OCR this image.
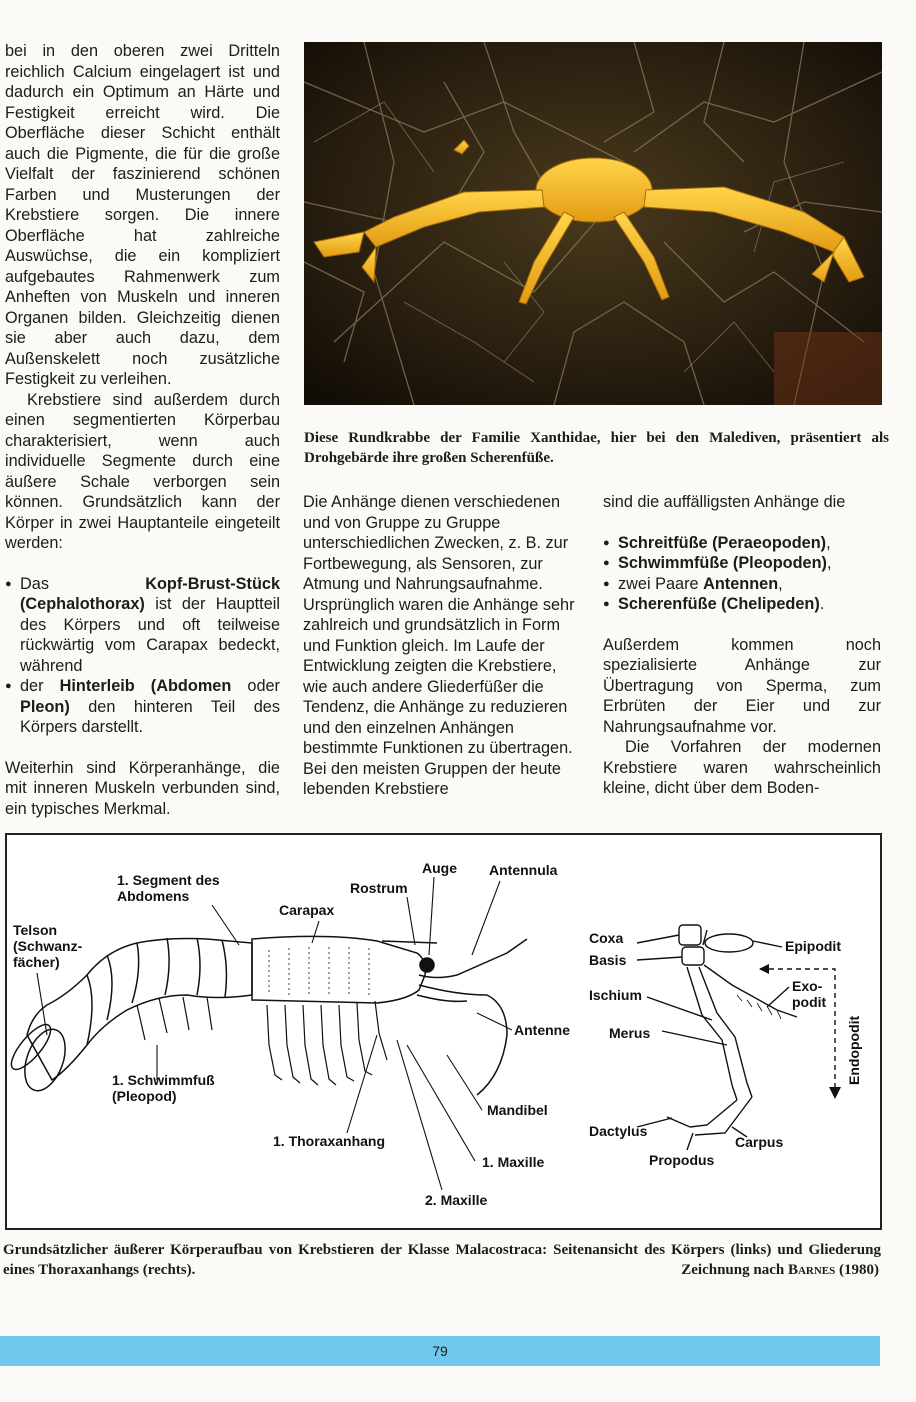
bei in den oberen zwei Dritteln reichlich Calcium eingelagert ist und dadurch ein Optimum an Härte und Festigkeit erreicht wird. Die Oberfläche dieser Schicht enthält auch die Pigmente, die für die große Vielfalt der faszinierend schönen Farben und Musterungen der Krebstiere sorgen. Die innere Oberfläche hat zahlreiche Auswüchse, die ein kompliziert aufgebautes Rahmenwerk zum Anheften von Muskeln und inneren Organen bilden. Gleichzeitig dienen sie aber auch dazu, dem Außenskelett noch zusätzliche Festigkeit zu verleihen.

Krebstiere sind außerdem durch einen segmentierten Körperbau charakterisiert, wenn auch individuelle Segmente durch eine äußere Schale verborgen sein können. Grundsätzlich kann der Körper in zwei Hauptanteile eingeteilt werden:

● Das Kopf-Brust-Stück (Cephalothorax) ist der Hauptteil des Körpers und oft teilweise rückwärtig vom Carapax bedeckt, während
● der Hinterleib (Abdomen oder Pleon) den hinteren Teil des Körpers darstellt.

Weiterhin sind Körperanhänge, die mit inneren Muskeln verbunden sind, ein typisches Merkmal.

Diese Rundkrabbe der Familie Xanthidae, hier bei den Malediven, präsentiert als Drohgebärde ihre großen Scherenfüße.

Die Anhänge dienen verschiedenen und von Gruppe zu Gruppe unterschiedlichen Zwecken, z. B. zur Fortbewegung, als Sensoren, zur Atmung und Nahrungsaufnahme. Ursprünglich waren die Anhänge sehr zahlreich und grundsätzlich in Form und Funktion gleich. Im Laufe der Entwicklung zeigten die Krebstiere, wie auch andere Gliederfüßer die Tendenz, die Anhänge zu reduzieren und den einzelnen Anhängen bestimmte Funktionen zu übertragen. Bei den meisten Gruppen der heute lebenden Krebstiere

sind die auffälligsten Anhänge die

● Schreitfüße (Peraeopoden),
● Schwimmfüße (Pleopoden),
● zwei Paare Antennen,
● Scherenfüße (Chelipeden).

Außerdem kommen noch spezialisierte Anhänge zur Übertragung von Sperma, zum Erbrüten der Eier und zur Nahrungsaufnahme vor.

Die Vorfahren der modernen Krebstiere waren wahrscheinlich kleine, dicht über dem Boden-

1. Segment des
Abdomens
Auge Antennula
Rostrum
Carapax
Telson
(Schwanz-
fächer)
Antenne
1. Schwimmfuß
(Pleopod)
Mandibel
1. Thoraxanhang
1. Maxille
2. Maxille
Coxa
Basis
Epipodit
Exo-
podit
Ischium
Merus	Endopodit
Dactylus
Carpus
Propodus
Grundsätzlicher äußerer Körperaufbau von Krebstieren der Klasse Malacostraca: Seitenansicht des Körpers (links) und Gliederung eines Thoraxanhangs (rechts).	Zeichnung nach Barnes (1980)
79
